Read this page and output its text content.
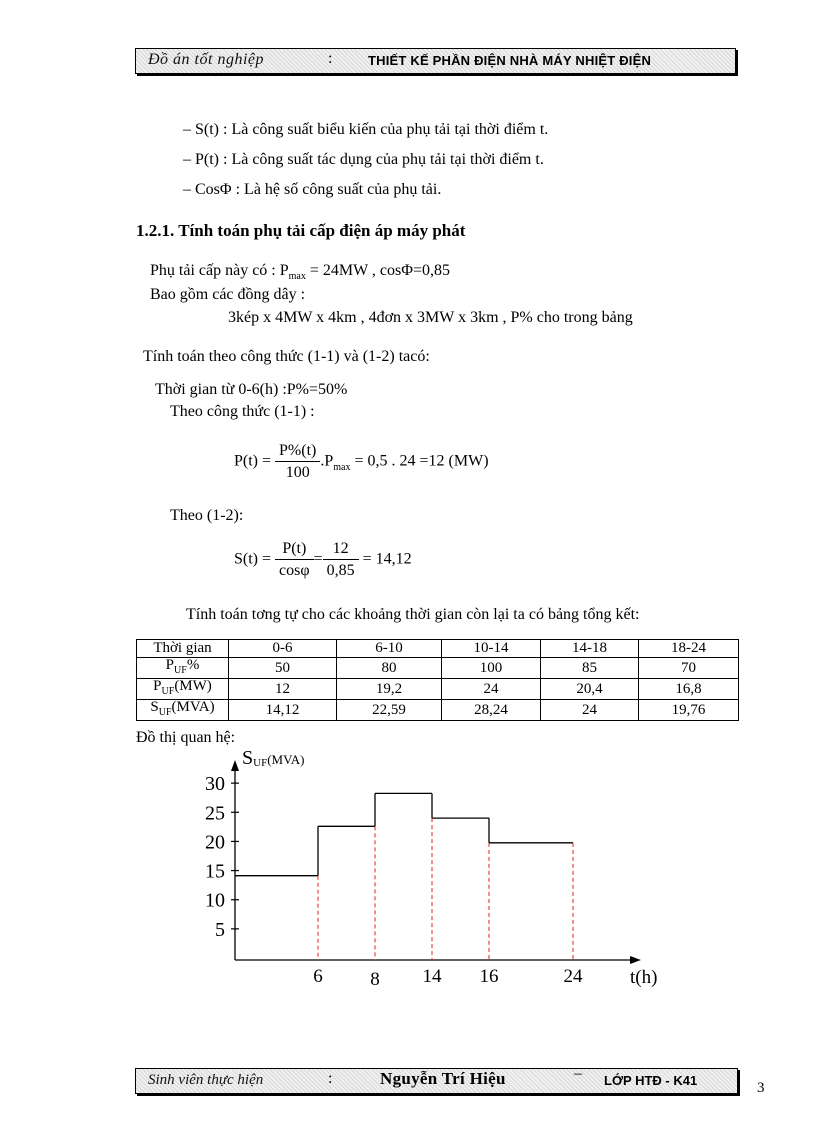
Đồ án tốt nghiệp	:	THIẾT KẾ PHẦN ĐIỆN NHÀ MÁY NHIỆT ĐIỆN
– S(t) : Là công suất biểu kiến của phụ tải tại thời điểm t.
– P(t) : Là công suất tác dụng của phụ tải tại thời điểm t.
– CosΦ : Là hệ số công suất của phụ tải.
1.2.1. Tính toán phụ tải cấp điện áp máy phát
Phụ tải cấp này có : $P_{max} = 24MW$ , cosΦ=0,85
Bao gồm các đồng dây :
3kép x 4MW x 4km , 4đơn x 3MW x 3km , P% cho trong bảng
Tính toán theo công thức (1-1) và (1-2) tacó:
Thời gian từ 0-6(h) :P%=50%
Theo công thức (1-1) :
$P(t) = \frac{P\%(t)}{100} .P_{max} = 0,5$ . 24 =12 (MW)
Theo (1-2):
$S(t) = \frac{P(t)}{\cos\varphi} = \frac{12}{0,85} = 14,12$
Tính toán tơng tự cho các khoảng thời gian còn lại ta có bảng tổng kết:
Thời gian	0-6	6-10	10-14	14-18	18-24
$P_{UF}\%$	50	80	100	85	70
$P_{UF}(MW)$	12	19,2	24	20,4	16,8
$S_{UF}(MVA)$	14,12	22,59	28,24	24	19,76
Đồ thị quan hệ:
SUF(MVA)
t(h)
5
10
15
20
25
30
6	8 14 16	24
Sinh viên thực hiện	:	Nguyễn Trí Hiệu	– LỚP HTĐ - K41	3
